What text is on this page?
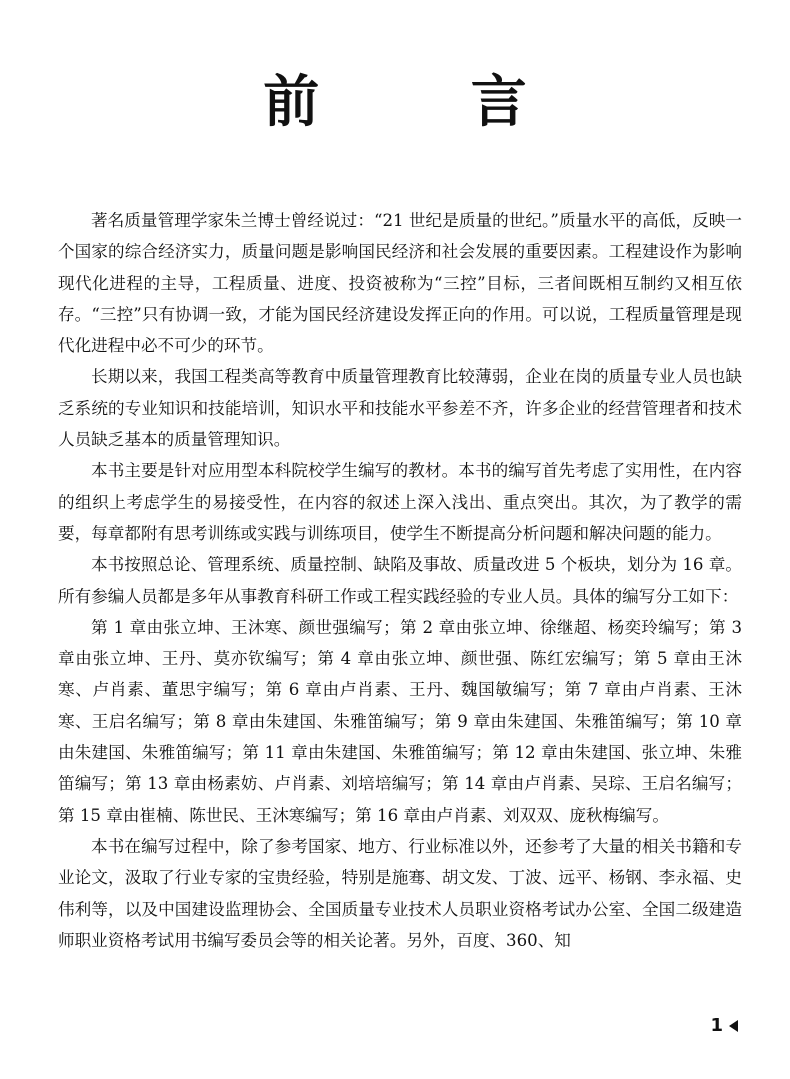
前 言

著名质量管理学家朱兰博士曾经说过：“21 世纪是质量的世纪。”质量水平的高低，反映一个国家的综合经济实力，质量问题是影响国民经济和社会发展的重要因素。工程建设作为影响现代化进程的主导，工程质量、进度、投资被称为“三控”目标，三者间既相互制约又相互依存。“三控”只有协调一致，才能为国民经济建设发挥正向的作用。可以说，工程质量管理是现代化进程中必不可少的环节。

长期以来，我国工程类高等教育中质量管理教育比较薄弱，企业在岗的质量专业人员也缺乏系统的专业知识和技能培训，知识水平和技能水平参差不齐，许多企业的经营管理者和技术人员缺乏基本的质量管理知识。

本书主要是针对应用型本科院校学生编写的教材。本书的编写首先考虑了实用性，在内容的组织上考虑学生的易接受性，在内容的叙述上深入浅出、重点突出。其次，为了教学的需要，每章都附有思考训练或实践与训练项目，使学生不断提高分析问题和解决问题的能力。

本书按照总论、管理系统、质量控制、缺陷及事故、质量改进 5 个板块，划分为 16 章。所有参编人员都是多年从事教育科研工作或工程实践经验的专业人员。具体的编写分工如下：

第 1 章由张立坤、王沐寒、颜世强编写；第 2 章由张立坤、徐继超、杨奕玲编写；第 3 章由张立坤、王丹、莫亦钦编写；第 4 章由张立坤、颜世强、陈红宏编写；第 5 章由王沐寒、卢肖素、董思宇编写；第 6 章由卢肖素、王丹、魏国敏编写；第 7 章由卢肖素、王沐寒、王启名编写；第 8 章由朱建国、朱雅笛编写；第 9 章由朱建国、朱雅笛编写；第 10 章由朱建国、朱雅笛编写；第 11 章由朱建国、朱雅笛编写；第 12 章由朱建国、张立坤、朱雅笛编写；第 13 章由杨素妨、卢肖素、刘培培编写；第 14 章由卢肖素、吴琮、王启名编写；第 15 章由崔楠、陈世民、王沐寒编写；第 16 章由卢肖素、刘双双、庞秋梅编写。

本书在编写过程中，除了参考国家、地方、行业标准以外，还参考了大量的相关书籍和专业论文，汲取了行业专家的宝贵经验，特别是施骞、胡文发、丁波、远平、杨钢、李永福、史伟利等，以及中国建设监理协会、全国质量专业技术人员职业资格考试办公室、全国二级建造师职业资格考试用书编写委员会等的相关论著。另外，百度、360、知

1
